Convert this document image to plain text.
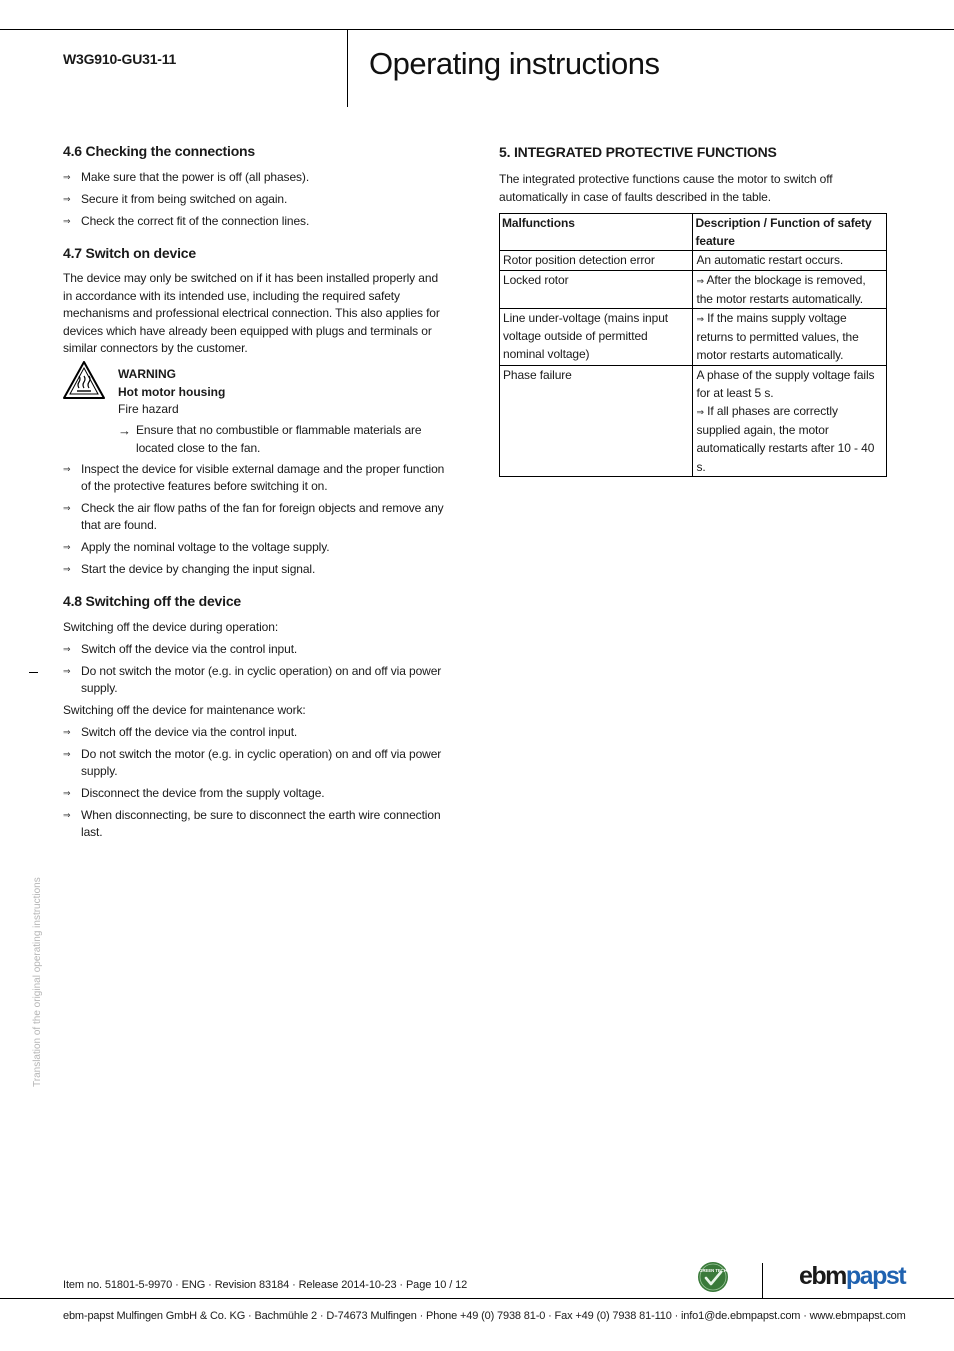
W3G910-GU31-11	Operating instructions
4.6 Checking the connections
⇒ Make sure that the power is off (all phases).
⇒ Secure it from being switched on again.
⇒ Check the correct fit of the connection lines.
4.7 Switch on device
The device may only be switched on if it has been installed properly and in accordance with its intended use, including the required safety mechanisms and professional electrical connection. This also applies for devices which have already been equipped with plugs and terminals or similar connectors by the customer.
WARNING
Hot motor housing
Fire hazard
→ Ensure that no combustible or flammable materials are located close to the fan.
⇒ Inspect the device for visible external damage and the proper function of the protective features before switching it on.
⇒ Check the air flow paths of the fan for foreign objects and remove any that are found.
⇒ Apply the nominal voltage to the voltage supply.
⇒ Start the device by changing the input signal.
4.8 Switching off the device
Switching off the device during operation:
⇒ Switch off the device via the control input.
⇒ Do not switch the motor (e.g. in cyclic operation) on and off via power supply.
Switching off the device for maintenance work:
⇒ Switch off the device via the control input.
⇒ Do not switch the motor (e.g. in cyclic operation) on and off via power supply.
⇒ Disconnect the device from the supply voltage.
⇒ When disconnecting, be sure to disconnect the earth wire connection last.
5. INTEGRATED PROTECTIVE FUNCTIONS
The integrated protective functions cause the motor to switch off automatically in case of faults described in the table.
Malfunctions	Description / Function of safety feature
Rotor position detection error	An automatic restart occurs.
Locked rotor	⇒ After the blockage is removed, the motor restarts automatically.
Line under-voltage (mains input voltage outside of permitted nominal voltage)	⇒ If the mains supply voltage returns to permitted values, the motor restarts automatically.
Phase failure	A phase of the supply voltage fails for at least 5 s.
⇒ If all phases are correctly supplied again, the motor automatically restarts after 10 - 40 s.
Translation of the original operating instructions
Item no. 51801-5-9970 · ENG · Revision 83184 · Release 2014-10-23 · Page 10 / 12
GREEN TECH	ebmpapst
ebm-papst Mulfingen GmbH & Co. KG · Bachmühle 2 · D-74673 Mulfingen · Phone +49 (0) 7938 81-0 · Fax +49 (0) 7938 81-110 · info1@de.ebmpapst.com · www.ebmpapst.com
